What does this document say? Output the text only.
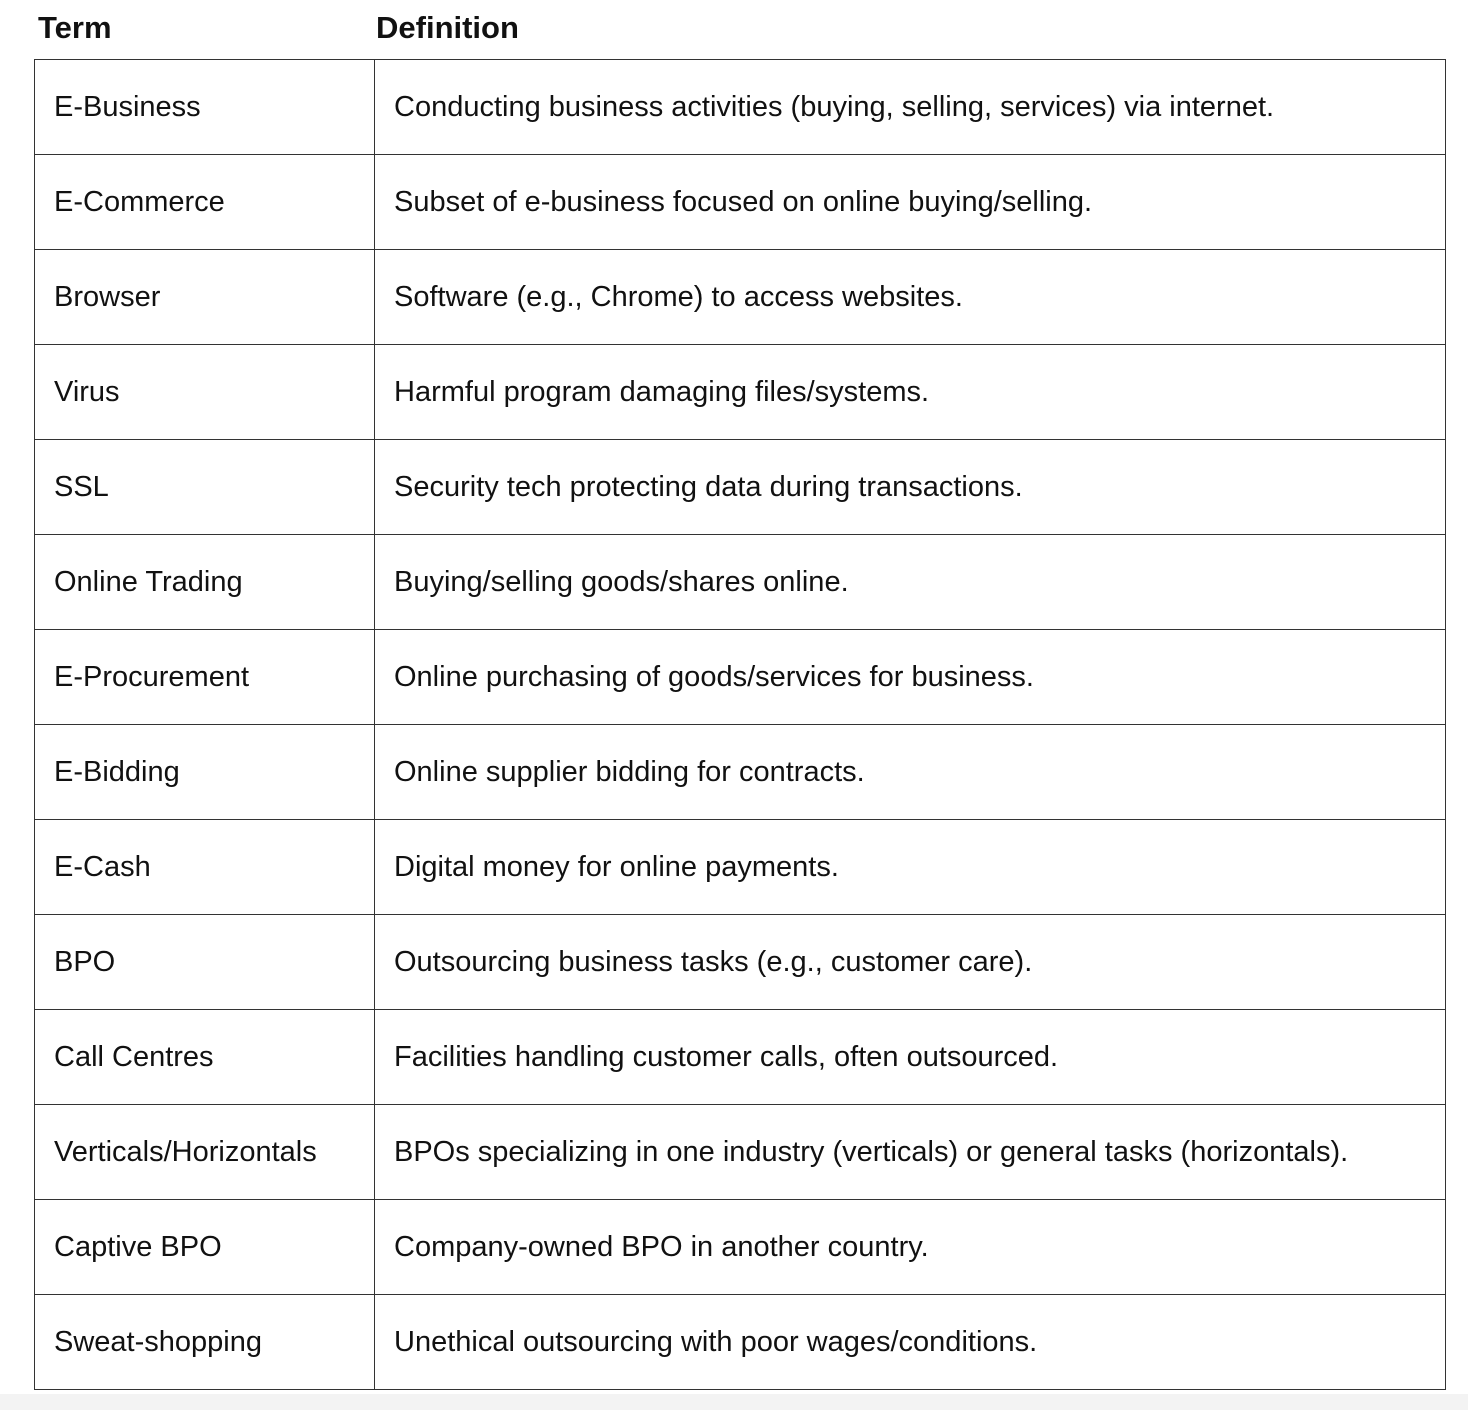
Term	Definition
E-Business	Conducting business activities (buying, selling, services) via internet.
E-Commerce	Subset of e-business focused on online buying/selling.
Browser	Software (e.g., Chrome) to access websites.
Virus	Harmful program damaging files/systems.
SSL	Security tech protecting data during transactions.
Online Trading	Buying/selling goods/shares online.
E-Procurement	Online purchasing of goods/services for business.
E-Bidding	Online supplier bidding for contracts.
E-Cash	Digital money for online payments.
BPO	Outsourcing business tasks (e.g., customer care).
Call Centres	Facilities handling customer calls, often outsourced.
Verticals/Horizontals	BPOs specializing in one industry (verticals) or general tasks (horizontals).
Captive BPO	Company-owned BPO in another country.
Sweat-shopping	Unethical outsourcing with poor wages/conditions.
